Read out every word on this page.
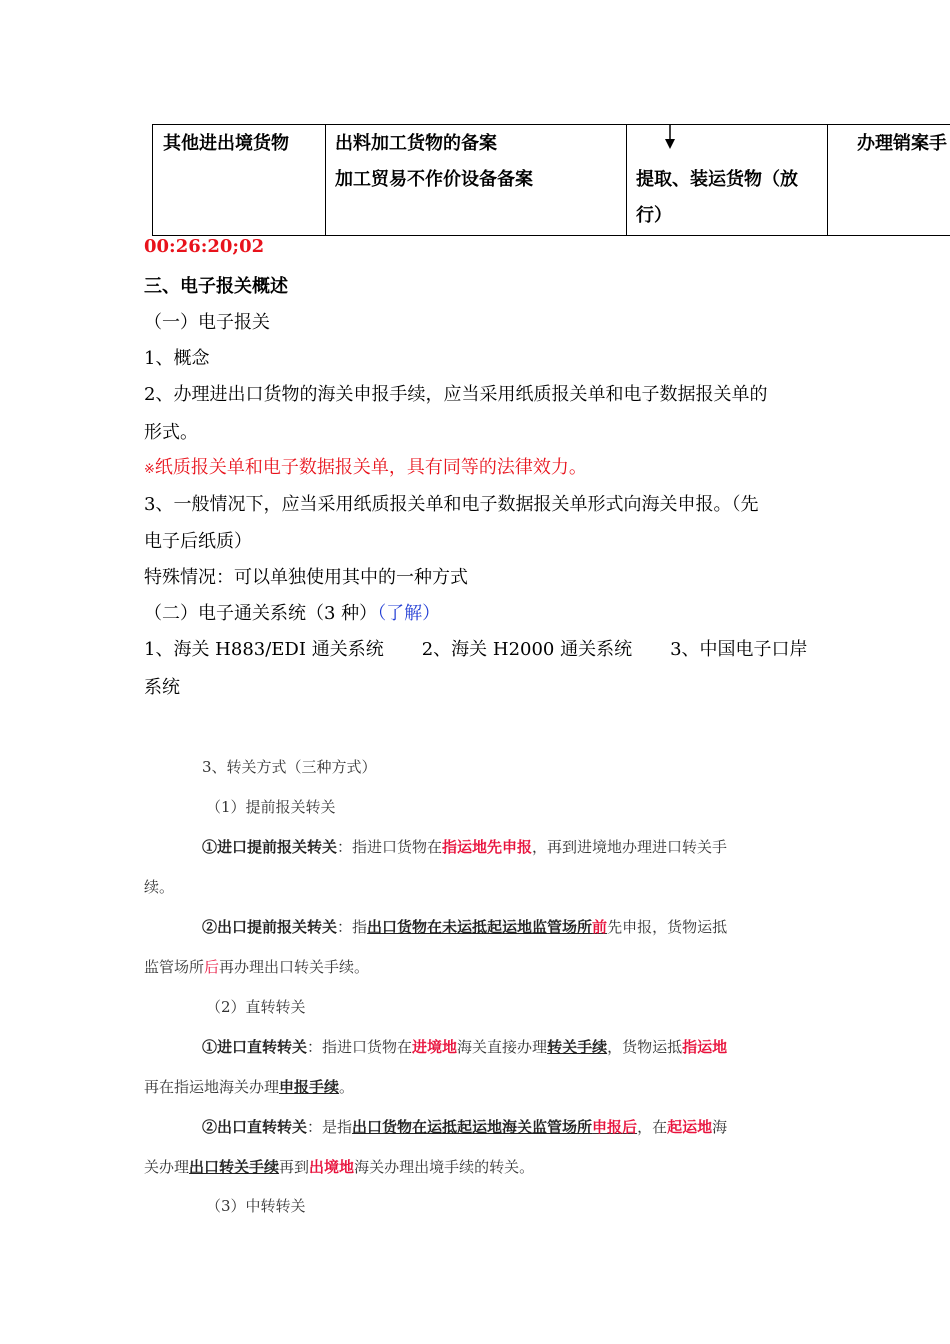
其他进出境货物	出料加工货物的备案
加工贸易不作价设备备案	提取、装运货物（放
行）
办理销案手
00:26:20;02
三、电子报关概述
（一）电子报关
1、概念
2、办理进出口货物的海关申报手续，应当采用纸质报关单和电子数据报关单的
形式。
※纸质报关单和电子数据报关单，具有同等的法律效力。
3、一般情况下，应当采用纸质报关单和电子数据报关单形式向海关申报。（先
电子后纸质）
特殊情况：可以单独使用其中的一种方式
（二）电子通关系统（3 种）（了解）
1、海关 H883/EDI 通关系统 2、海关 H2000 通关系统 3、中国电子口岸
系统
3、转关方式（三种方式）
（1）提前报关转关
①进口提前报关转关：指进口货物在指运地先申报，再到进境地办理进口转关手
续。
②出口提前报关转关：指出口货物在未运抵起运地监管场所前先申报，货物运抵
监管场所后再办理出口转关手续。
（2）直转转关
①进口直转转关：指进口货物在进境地海关直接办理转关手续，货物运抵指运地
再在指运地海关办理申报手续。
②出口直转转关：是指出口货物在运抵起运地海关监管场所申报后，在起运地海
关办理出口转关手续再到出境地海关办理出境手续的转关。
（3）中转转关
